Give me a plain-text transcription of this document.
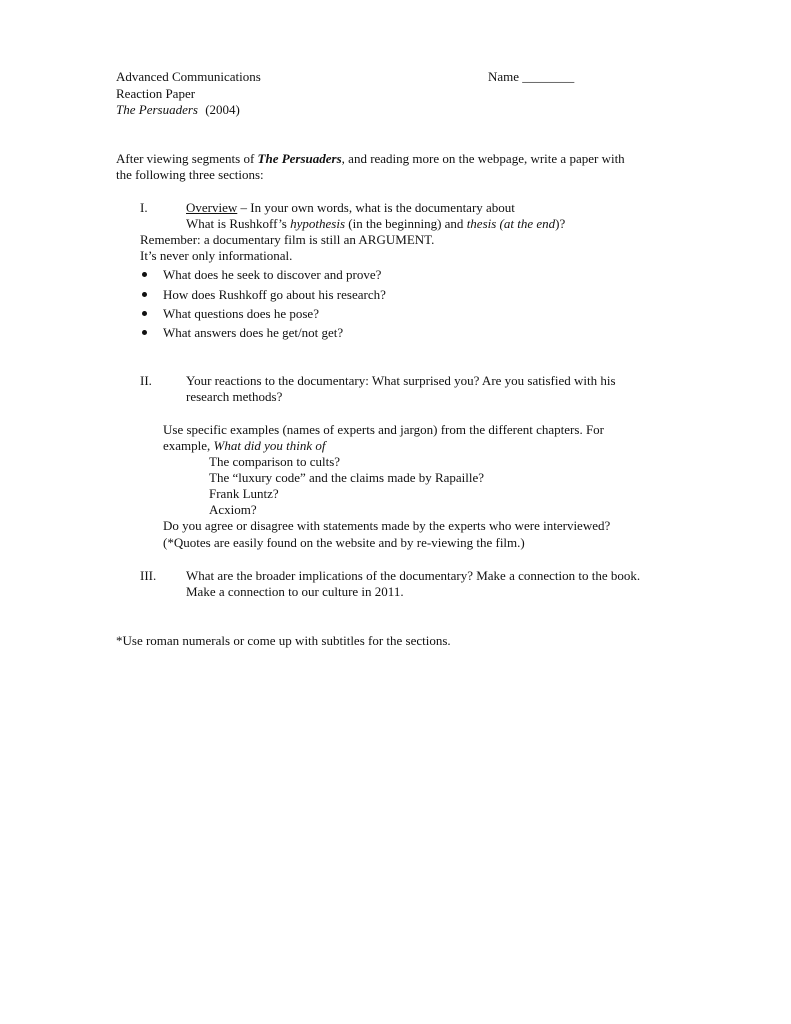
Advanced Communications	Name ________
Reaction Paper
The Persuaders (2004)
After viewing segments of The Persuaders, and reading more on the webpage, write a paper with
the following three sections:
I.	Overview – In your own words, what is the documentary about
What is Rushkoff’s hypothesis (in the beginning) and thesis (at the end)?
Remember: a documentary film is still an ARGUMENT.
It’s never only informational.
What does he seek to discover and prove?
How does Rushkoff go about his research?
What questions does he pose?
What answers does he get/not get?
II.	Your reactions to the documentary: What surprised you? Are you satisfied with his
research methods?
Use specific examples (names of experts and jargon) from the different chapters. For
example, What did you think of
The comparison to cults?
The “luxury code” and the claims made by Rapaille?
Frank Luntz?
Acxiom?
Do you agree or disagree with statements made by the experts who were interviewed?
(*Quotes are easily found on the website and by re-viewing the film.)
III. What are the broader implications of the documentary? Make a connection to the book.
Make a connection to our culture in 2011.
*Use roman numerals or come up with subtitles for the sections.
